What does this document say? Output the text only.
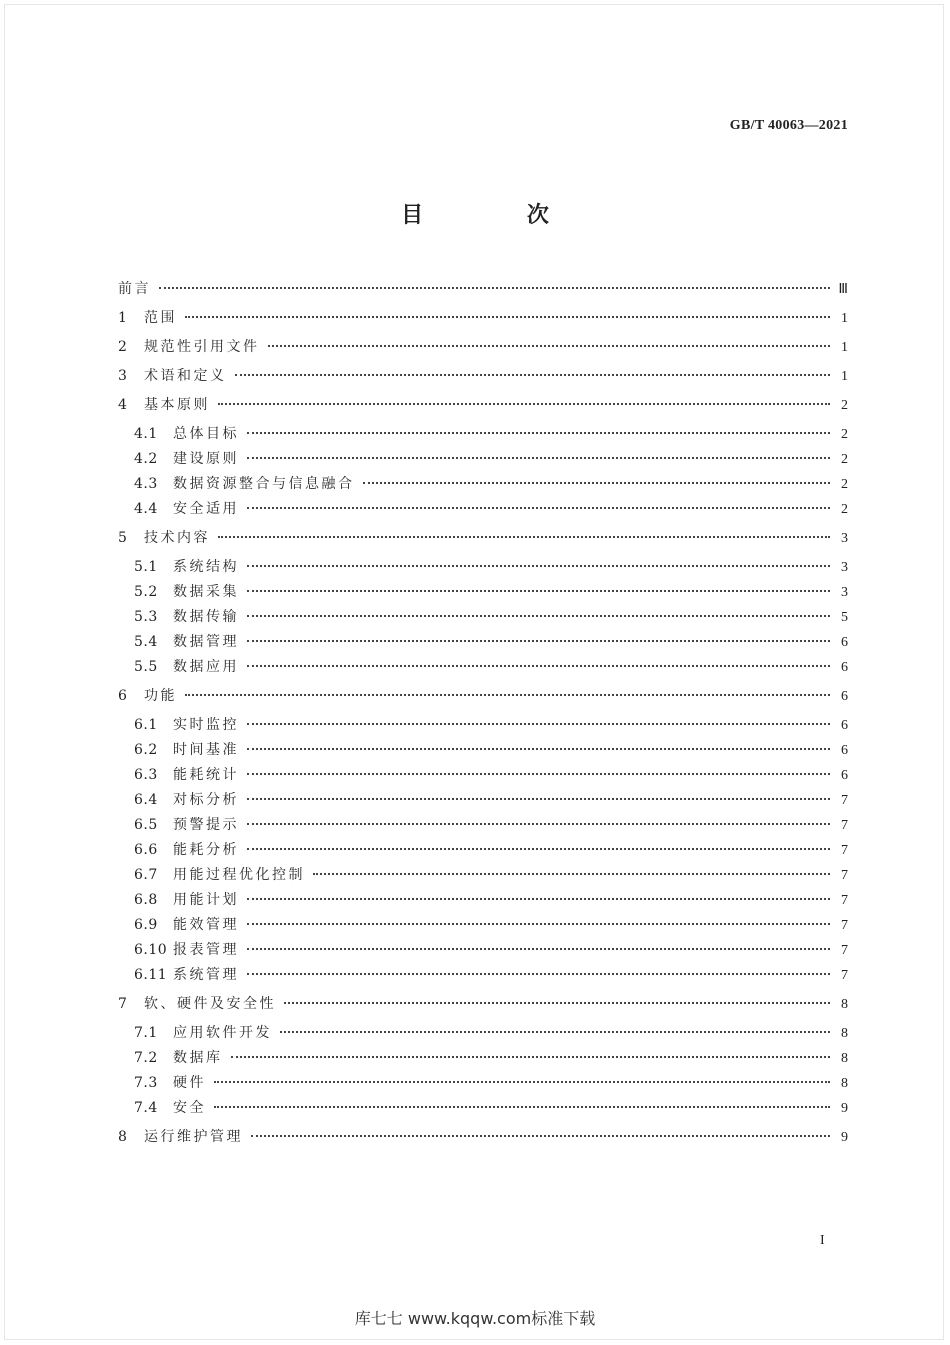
GB/T 40063—2021
目 次
前言	Ⅲ
1	范围	1
2	规范性引用文件	1
3	术语和定义	1
4	基本原则	2
4.1	总体目标	2
4.2	建设原则	2
4.3	数据资源整合与信息融合	2
4.4	安全适用	2
5	技术内容	3
5.1	系统结构	3
5.2	数据采集	3
5.3	数据传输	5
5.4	数据管理	6
5.5	数据应用	6
6	功能	6
6.1	实时监控	6
6.2	时间基准	6
6.3	能耗统计	6
6.4	对标分析	7
6.5	预警提示	7
6.6	能耗分析	7
6.7	用能过程优化控制	7
6.8	用能计划	7
6.9	能效管理	7
6.10 报表管理	7
6.11 系统管理	7
7	软、硬件及安全性	8
7.1	应用软件开发	8
7.2	数据库	8
7.3	硬件	8
7.4	安全	9
8	运行维护管理	9
I
库七七 www.kqqw.com标准下载
